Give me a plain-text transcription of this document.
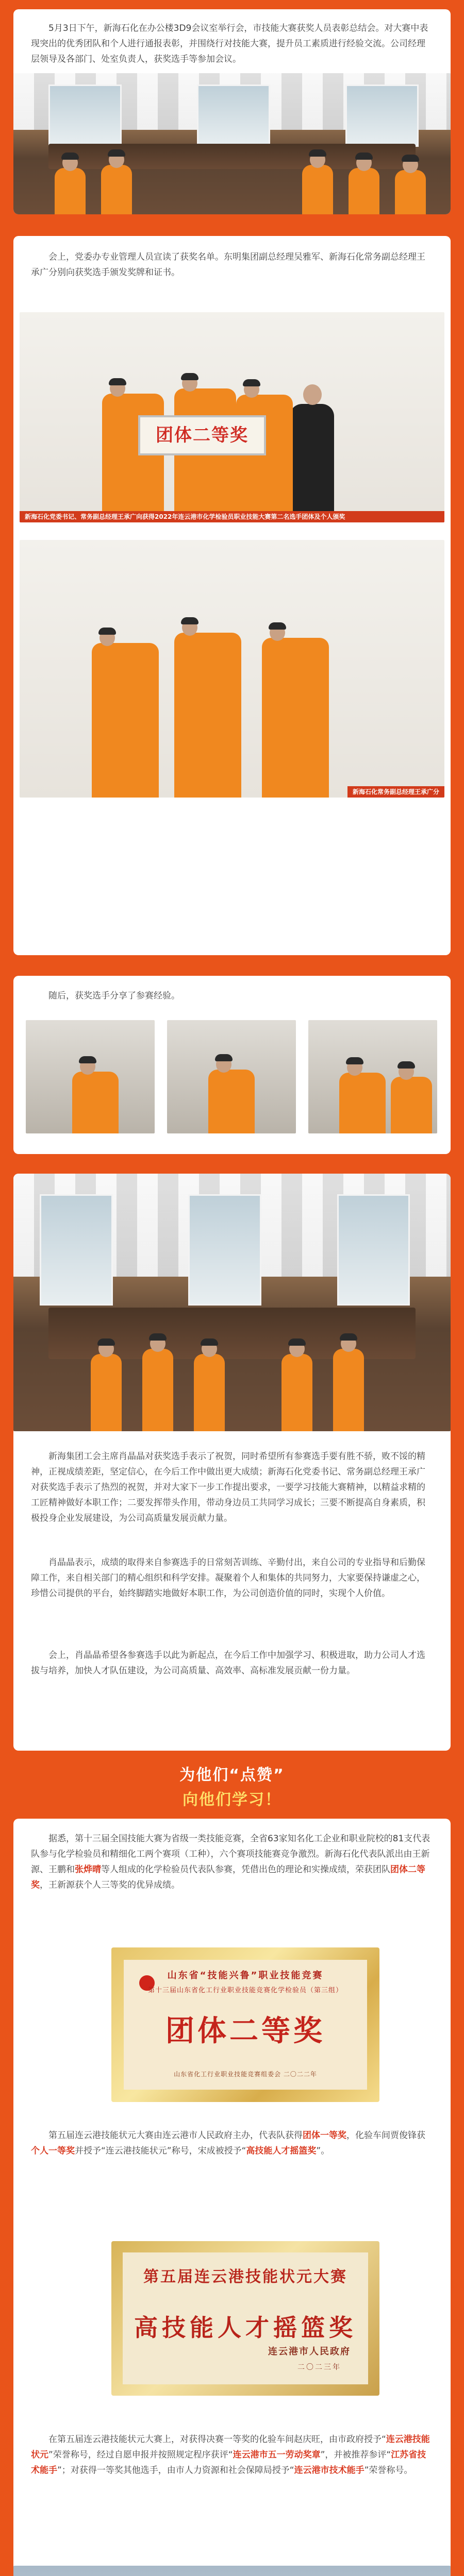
5月3日下午，新海石化在办公楼3D9会议室举行会，市技能大赛获奖人员表彰总结会。对大赛中表现突出的优秀团队和个人进行通报表彰，并围绕行对技能大赛，提升员工素质进行经验交流。公司经理层领导及各部门、处室负责人，获奖选手等参加会议。

会上，党委办专业管理人员宣读了获奖名单。东明集团副总经理吴雅军、新海石化常务副总经理王承广分别向获奖选手颁发奖牌和证书。

团体二等奖
新海石化党委书记、常务副总经理王承广向获得2022年连云港市化学检验员职业技能大赛第二名选手团体及个人颁奖
新海石化常务副总经理王承广分

随后，获奖选手分享了参赛经验。

新海集团工会主席肖晶晶对获奖选手表示了祝贺，同时希望所有参赛选手要有胜不骄，败不馁的精神，正视成绩差距，坚定信心，在今后工作中做出更大成绩；新海石化党委书记、常务副总经理王承广对获奖选手表示了热烈的祝贺，并对大家下一步工作提出要求，一要学习技能大赛精神，以精益求精的工匠精神做好本职工作；二要发挥带头作用，带动身边员工共同学习成长；三要不断提高自身素质，积极投身企业发展建设，为公司高质量发展贡献力量。

肖晶晶表示，成绩的取得来自参赛选手的日常刻苦训练、辛勤付出，来自公司的专业指导和后勤保障工作，来自相关部门的精心组织和科学安排。凝聚着个人和集体的共同努力，大家要保持谦虚之心，珍惜公司提供的平台，始终脚踏实地做好本职工作，为公司创造价值的同时，实现个人价值。

会上，肖晶晶希望各参赛选手以此为新起点，在今后工作中加强学习、积极进取，助力公司人才选拔与培养，加快人才队伍建设，为公司高质量、高效率、高标准发展贡献一份力量。

为他们“点赞”
向他们学习！

据悉，第十三届全国技能大赛为省级一类技能竞赛，全省63家知名化工企业和职业院校的81支代表队参与化学检验员和精细化工两个赛项（工种），六个赛项技能赛竞争激烈。新海石化代表队派出由王新源、王鹏和张烨晴等人组成的化学检验员代表队参赛，凭借出色的理论和实操成绩，荣获团队团体二等奖，王新源获个人三等奖的优异成绩。

山东省“技能兴鲁”职业技能竞赛
第十三届山东省化工行业职业技能竞赛化学检验员（第三组）
团体二等奖
山东省化工行业职业技能竞赛组委会 二〇二二年

第五届连云港技能状元大赛由连云港市人民政府主办，代表队获得团体一等奖，化验车间贾俊锋获个人一等奖并授予“连云港技能状元”称号，宋成被授予“高技能人才摇篮奖”。

第五届连云港技能状元大赛
高技能人才摇篮奖
连云港市人民政府
二〇二三年

在第五届连云港技能状元大赛上，对获得决赛一等奖的化验车间赵庆旺，由市政府授予“连云港技能状元”荣誉称号，经过自愿申报并按照规定程序获评“连云港市五一劳动奖章”，并被推荐参评“江苏省技术能手”；对获得一等奖其他选手，由市人力资源和社会保障局授予“连云港市技术能手”荣誉称号。
